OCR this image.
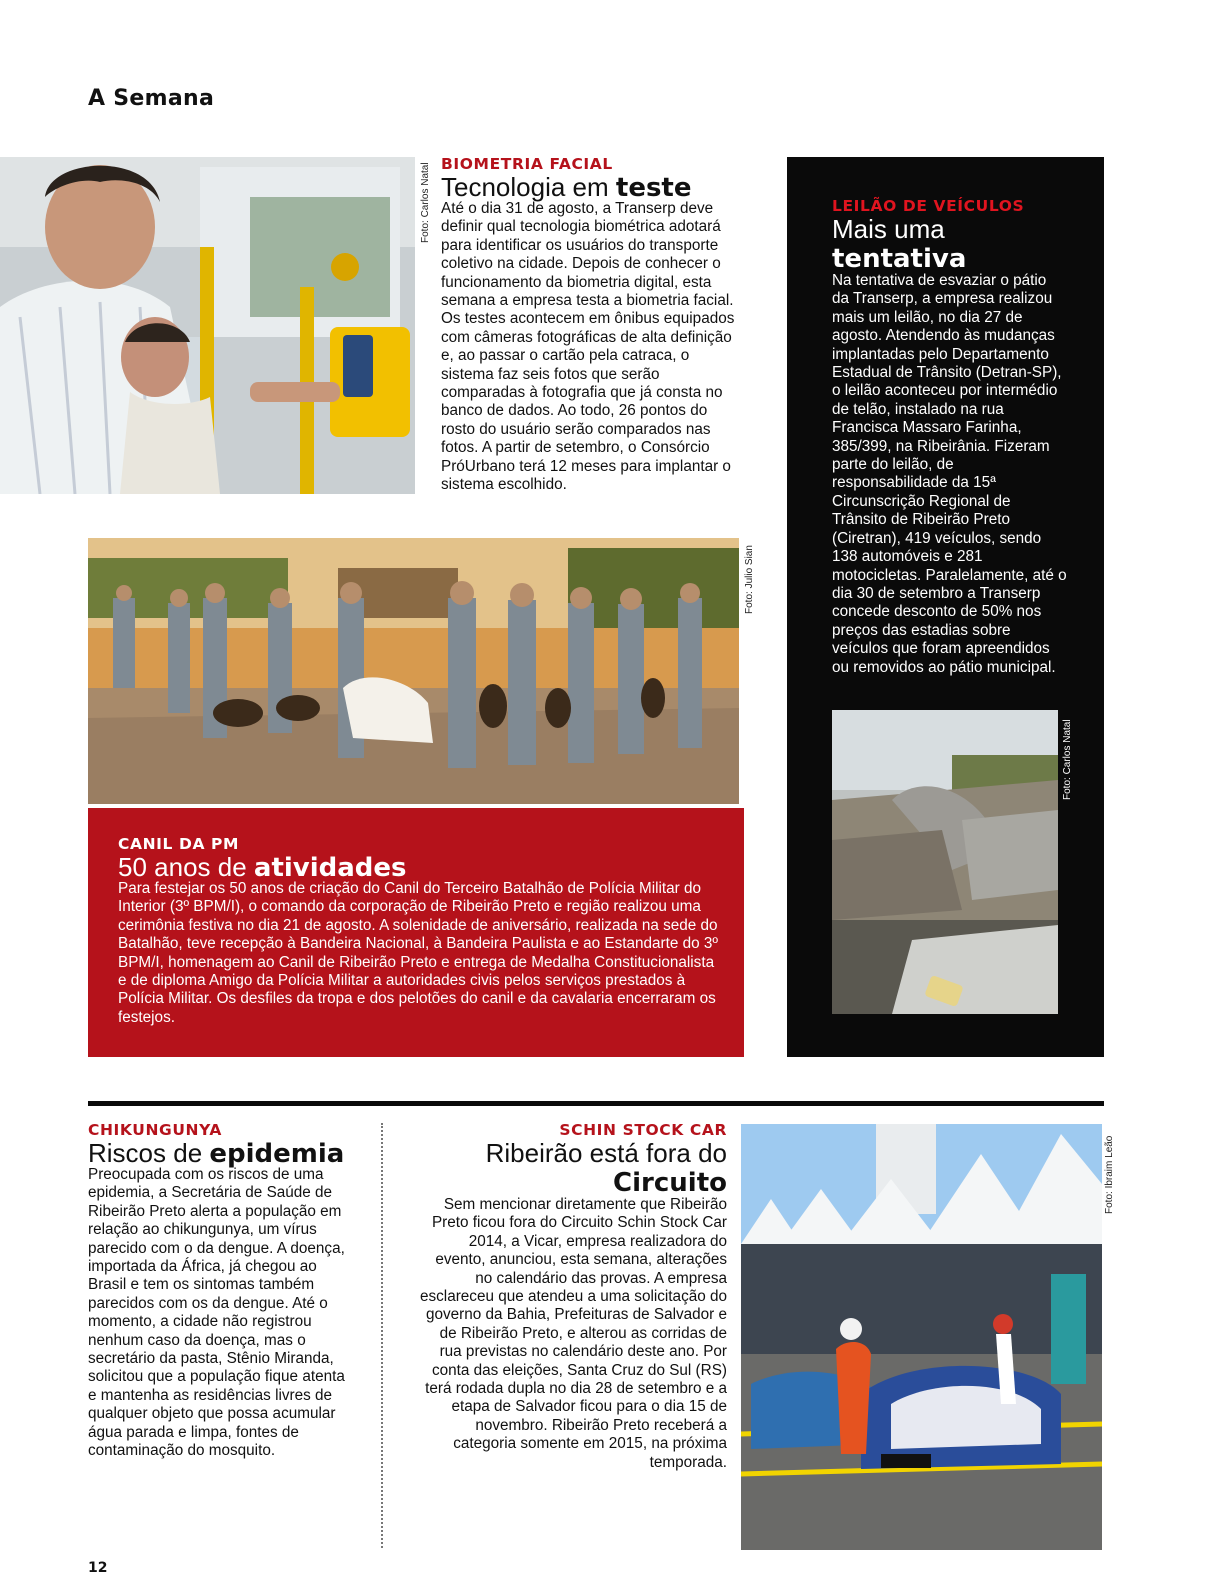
A Semana
Foto: Carlos Natal BIOMETRIA FACIAL
Tecnologia em teste
Até o dia 31 de agosto, a Transerp deve definir qual tecnologia biométrica adotará para identificar os usuários do transporte coletivo na cidade. Depois de conhecer o funcionamento da biometria digital, esta semana a empresa testa a biometria facial. Os testes acontecem em ônibus equipados com câmeras fotográficas de alta definição e, ao passar o cartão pela catraca, o sistema faz seis fotos que serão comparadas à fotografia que já consta no banco de dados. Ao todo, 26 pontos do rosto do usuário serão comparados nas fotos. A partir de setembro, o Consórcio PróUrbano terá 12 meses para implantar o sistema escolhido.
Foto: Julio Sian
CANIL DA PM
50 anos de atividades
Para festejar os 50 anos de criação do Canil do Terceiro Batalhão de Polícia Militar do Interior (3º BPM/I), o comando da corporação de Ribeirão Preto e região realizou uma cerimônia festiva no dia 21 de agosto. A solenidade de aniversário, realizada na sede do Batalhão, teve recepção à Bandeira Nacional, à Bandeira Paulista e ao Estandarte do 3º BPM/I, homenagem ao Canil de Ribeirão Preto e entrega de Medalha Constitucionalista e de diploma Amigo da Polícia Militar a autoridades civis pelos serviços prestados à Polícia Militar. Os desfiles da tropa e dos pelotões do canil e da cavalaria encerraram os festejos.
LEILÃO DE VEÍCULOS
Mais uma
tentativa
Na tentativa de esvaziar o pátio da Transerp, a empresa realizou mais um leilão, no dia 27 de agosto. Atendendo às mudanças implantadas pelo Departamento Estadual de Trânsito (Detran-SP), o leilão aconteceu por intermédio de telão, instalado na rua Francisca Massaro Farinha, 385/399, na Ribeirânia. Fizeram parte do leilão, de responsabilidade da 15ª Circunscrição Regional de Trânsito de Ribeirão Preto (Ciretran), 419 veículos, sendo 138 automóveis e 281 motocicletas. Paralelamente, até o dia 30 de setembro a Transerp concede desconto de 50% nos preços das estadias sobre veículos que foram apreendidos ou removidos ao pátio municipal.
Foto: Carlos Natal
CHIKUNGUNYA
Riscos de epidemia
Preocupada com os riscos de uma epidemia, a Secretária de Saúde de Ribeirão Preto alerta a população em relação ao chikungunya, um vírus parecido com o da dengue. A doença, importada da África, já chegou ao Brasil e tem os sintomas também parecidos com os da dengue. Até o momento, a cidade não registrou nenhum caso da doença, mas o secretário da pasta, Stênio Miranda, solicitou que a população fique atenta e mantenha as residências livres de qualquer objeto que possa acumular água parada e limpa, fontes de contaminação do mosquito.
SCHIN STOCK CAR
Ribeirão está fora do
Circuito
Sem mencionar diretamente que Ribeirão Preto ficou fora do Circuito Schin Stock Car 2014, a Vicar, empresa realizadora do evento, anunciou, esta semana, alterações no calendário das provas. A empresa esclareceu que atendeu a uma solicitação do governo da Bahia, Prefeituras de Salvador e de Ribeirão Preto, e alterou as corridas de rua previstas no calendário deste ano. Por conta das eleições, Santa Cruz do Sul (RS) terá rodada dupla no dia 28 de setembro e a etapa de Salvador ficou para o dia 15 de novembro. Ribeirão Preto receberá a categoria somente em 2015, na próxima temporada.
Foto: Ibraim Leão
12
